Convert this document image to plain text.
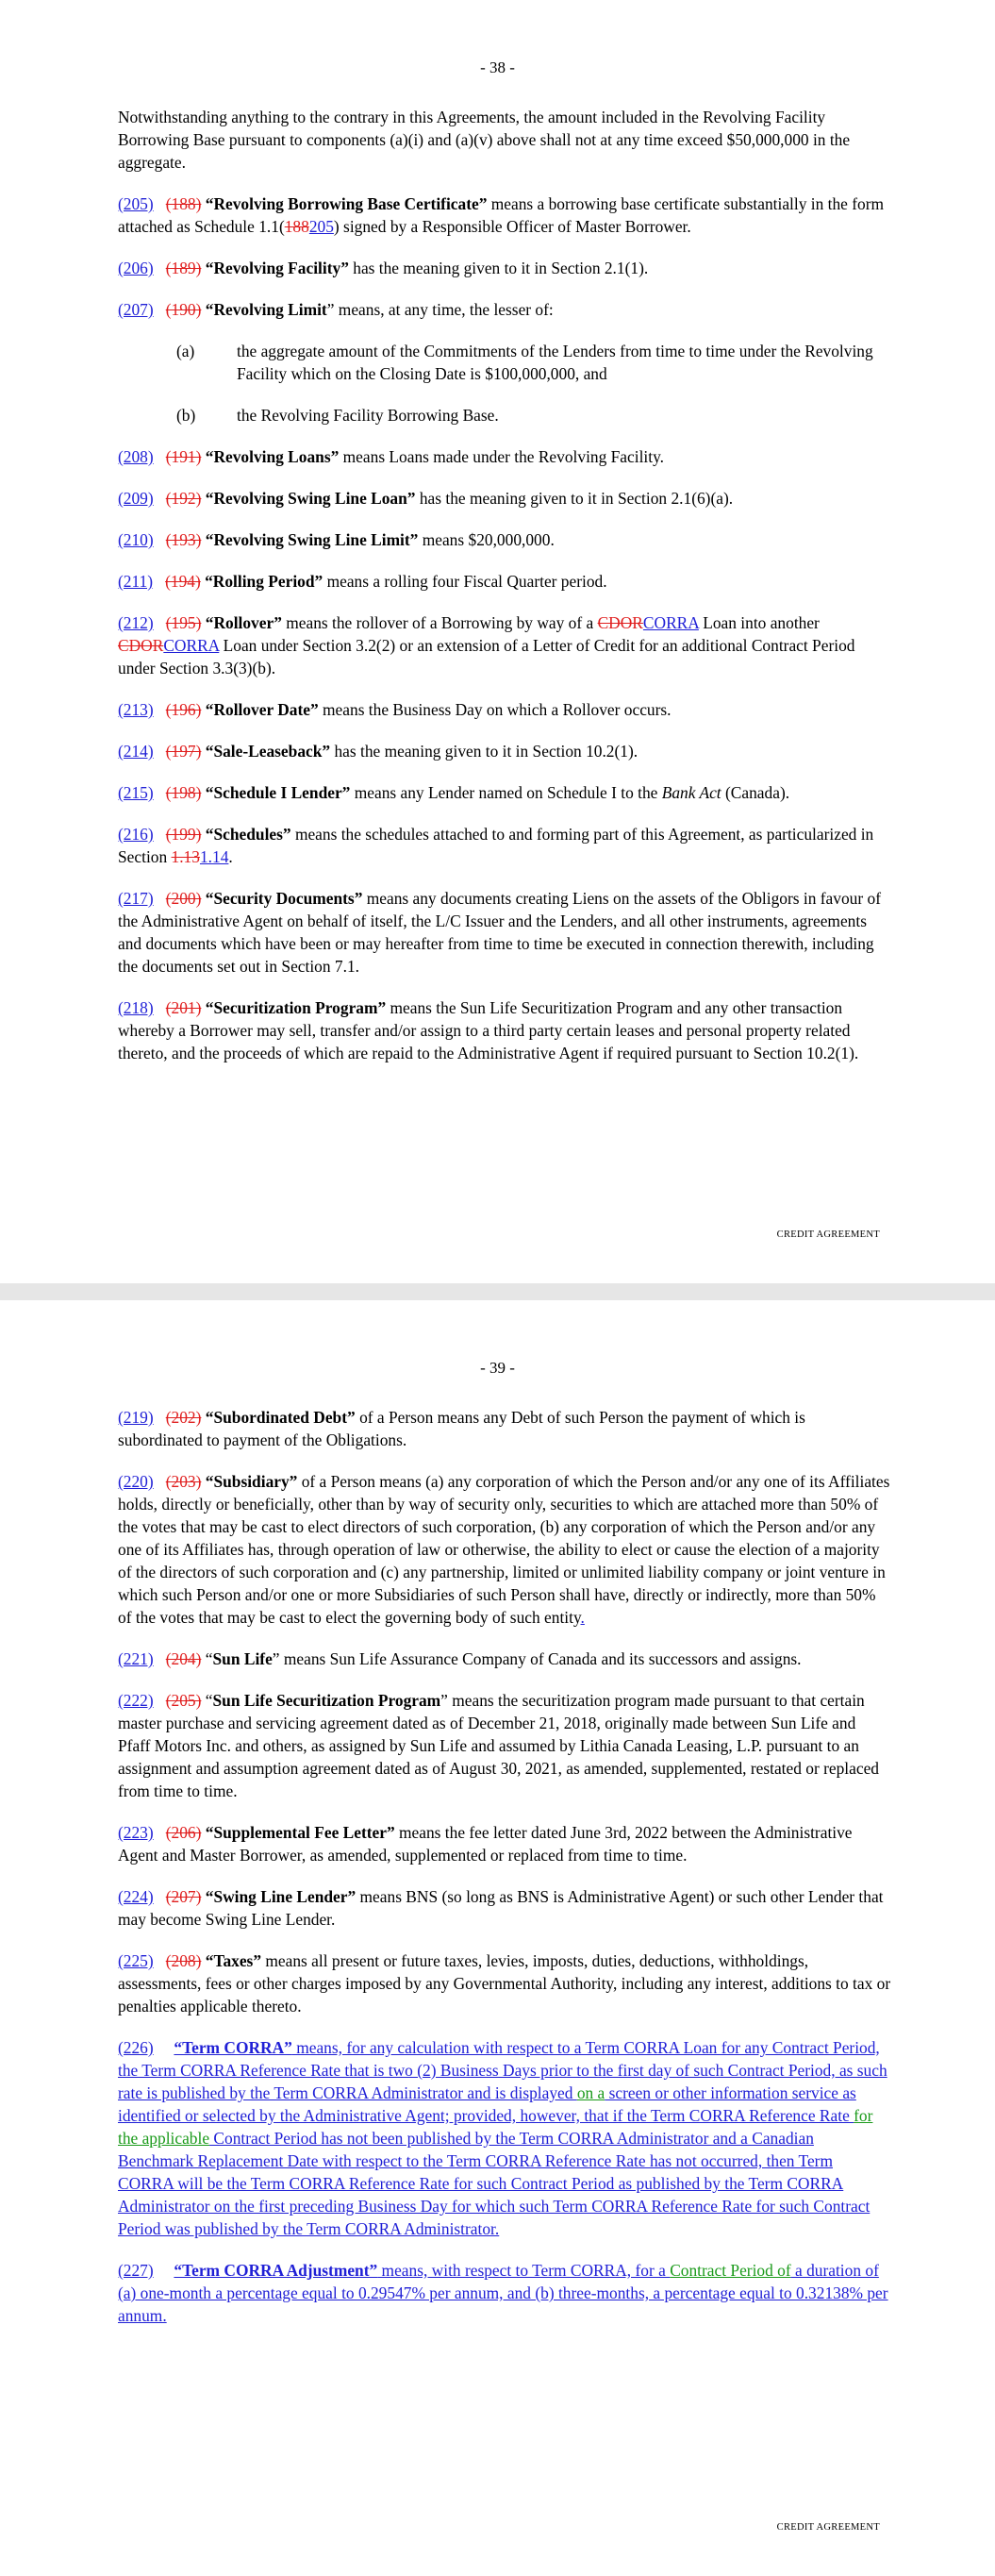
- 38 -

Notwithstanding anything to the contrary in this Agreements, the amount included in the Revolving Facility Borrowing Base pursuant to components (a)(i) and (a)(v) above shall not at any time exceed $50,000,000 in the aggregate.

(205) (188) “Revolving Borrowing Base Certificate” means a borrowing base certificate substantially in the form attached as Schedule 1.1(188205) signed by a Responsible Officer of Master Borrower.

(206) (189) “Revolving Facility” has the meaning given to it in Section 2.1(1).

(207) (190) “Revolving Limit” means, at any time, the lesser of:

(a)	the aggregate amount of the Commitments of the Lenders from time to time under the Revolving Facility which on the Closing Date is $100,000,000, and
(b)	the Revolving Facility Borrowing Base.

(208) (191) “Revolving Loans” means Loans made under the Revolving Facility.

(209) (192) “Revolving Swing Line Loan” has the meaning given to it in Section 2.1(6)(a).

(210) (193) “Revolving Swing Line Limit” means $20,000,000.

(211) (194) “Rolling Period” means a rolling four Fiscal Quarter period.

(212) (195) “Rollover” means the rollover of a Borrowing by way of a CDORCORRA Loan into another CDORCORRA Loan under Section 3.2(2) or an extension of a Letter of Credit for an additional Contract Period under Section 3.3(3)(b).

(213) (196) “Rollover Date” means the Business Day on which a Rollover occurs.

(214) (197) “Sale-Leaseback” has the meaning given to it in Section 10.2(1).

(215) (198) “Schedule I Lender” means any Lender named on Schedule I to the Bank Act (Canada).

(216) (199) “Schedules” means the schedules attached to and forming part of this Agreement, as particularized in Section 1.131.14.

(217) (200) “Security Documents” means any documents creating Liens on the assets of the Obligors in favour of the Administrative Agent on behalf of itself, the L/C Issuer and the Lenders, and all other instruments, agreements and documents which have been or may hereafter from time to time be executed in connection therewith, including the documents set out in Section 7.1.

(218) (201) “Securitization Program” means the Sun Life Securitization Program and any other transaction whereby a Borrower may sell, transfer and/or assign to a third party certain leases and personal property related thereto, and the proceeds of which are repaid to the Administrative Agent if required pursuant to Section 10.2(1).

CREDIT AGREEMENT
- 39 -

(219) (202) “Subordinated Debt” of a Person means any Debt of such Person the payment of which is subordinated to payment of the Obligations.

(220) (203) “Subsidiary” of a Person means (a) any corporation of which the Person and/or any one of its Affiliates holds, directly or beneficially, other than by way of security only, securities to which are attached more than 50% of the votes that may be cast to elect directors of such corporation, (b) any corporation of which the Person and/or any one of its Affiliates has, through operation of law or otherwise, the ability to elect or cause the election of a majority of the directors of such corporation and (c) any partnership, limited or unlimited liability company or joint venture in which such Person and/or one or more Subsidiaries of such Person shall have, directly or indirectly, more than 50% of the votes that may be cast to elect the governing body of such entity.

(221) (204) “Sun Life” means Sun Life Assurance Company of Canada and its successors and assigns.

(222) (205) “Sun Life Securitization Program” means the securitization program made pursuant to that certain master purchase and servicing agreement dated as of December 21, 2018, originally made between Sun Life and Pfaff Motors Inc. and others, as assigned by Sun Life and assumed by Lithia Canada Leasing, L.P. pursuant to an assignment and assumption agreement dated as of August 30, 2021, as amended, supplemented, restated or replaced from time to time.

(223) (206) “Supplemental Fee Letter” means the fee letter dated June 3rd, 2022 between the Administrative Agent and Master Borrower, as amended, supplemented or replaced from time to time.

(224) (207) “Swing Line Lender” means BNS (so long as BNS is Administrative Agent) or such other Lender that may become Swing Line Lender.

(225) (208) “Taxes” means all present or future taxes, levies, imposts, duties, deductions, withholdings, assessments, fees or other charges imposed by any Governmental Authority, including any interest, additions to tax or penalties applicable thereto.

(226) “Term CORRA” means, for any calculation with respect to a Term CORRA Loan for any Contract Period, the Term CORRA Reference Rate that is two (2) Business Days prior to the first day of such Contract Period, as such rate is published by the Term CORRA Administrator and is displayed on a screen or other information service as identified or selected by the Administrative Agent; provided, however, that if the Term CORRA Reference Rate for the applicable Contract Period has not been published by the Term CORRA Administrator and a Canadian Benchmark Replacement Date with respect to the Term CORRA Reference Rate has not occurred, then Term CORRA will be the Term CORRA Reference Rate for such Contract Period as published by the Term CORRA Administrator on the first preceding Business Day for which such Term CORRA Reference Rate for such Contract Period was published by the Term CORRA Administrator.

(227) “Term CORRA Adjustment” means, with respect to Term CORRA, for a Contract Period of a duration of (a) one-month a percentage equal to 0.29547% per annum, and (b) three-months, a percentage equal to 0.32138% per annum.

CREDIT AGREEMENT
